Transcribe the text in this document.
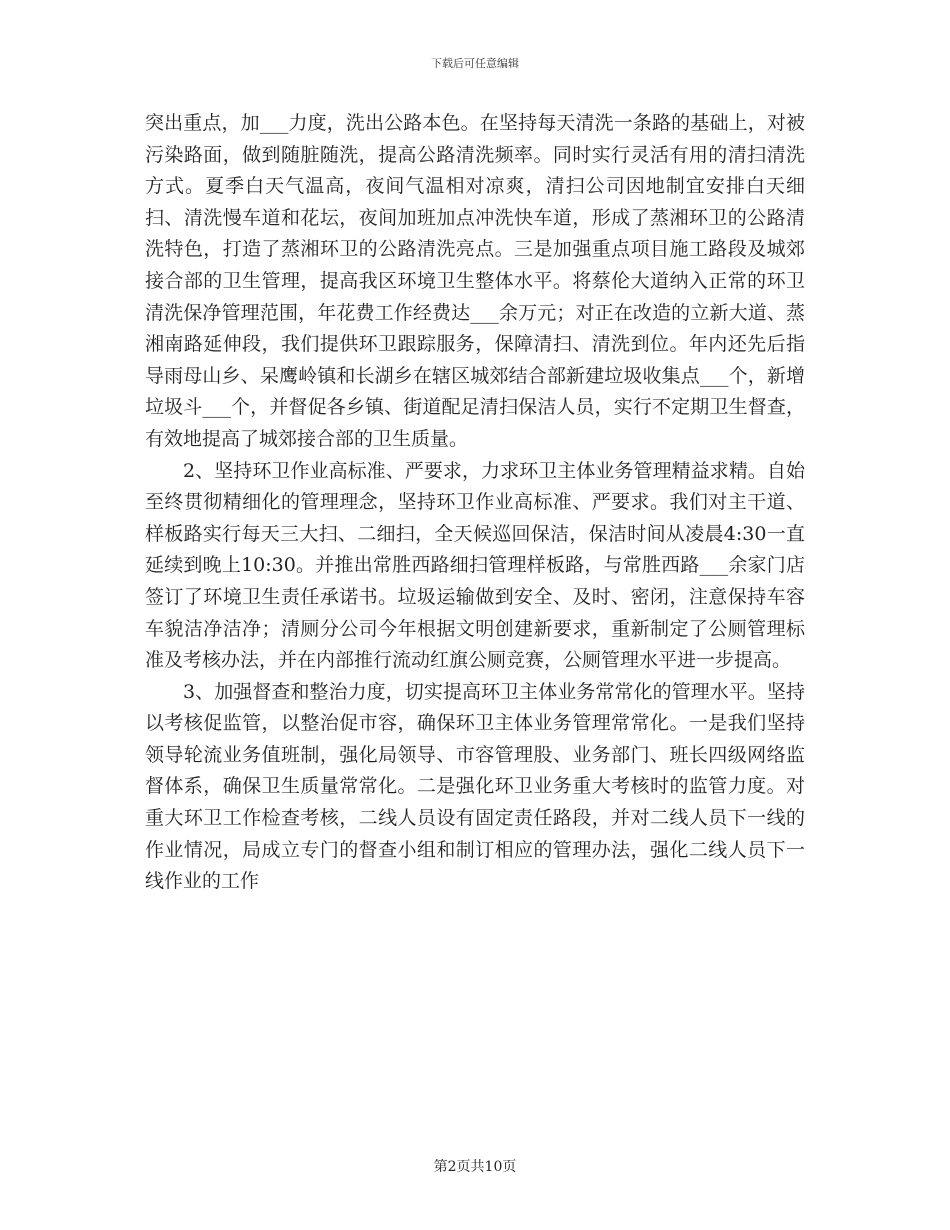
下载后可任意编辑

突出重点，加___力度，洗出公路本色。在坚持每天清洗一条路的基础上，对被污染路面，做到随脏随洗，提高公路清洗频率。同时实行灵活有用的清扫清洗方式。夏季白天气温高，夜间气温相对凉爽，清扫公司因地制宜安排白天细扫、清洗慢车道和花坛，夜间加班加点冲洗快车道，形成了蒸湘环卫的公路清洗特色，打造了蒸湘环卫的公路清洗亮点。三是加强重点项目施工路段及城郊接合部的卫生管理，提高我区环境卫生整体水平。将蔡伦大道纳入正常的环卫清洗保净管理范围，年花费工作经费达___余万元；对正在改造的立新大道、蒸湘南路延伸段，我们提供环卫跟踪服务，保障清扫、清洗到位。年内还先后指导雨母山乡、呆鹰岭镇和长湖乡在辖区城郊结合部新建垃圾收集点___个，新增垃圾斗___个，并督促各乡镇、街道配足清扫保洁人员，实行不定期卫生督查，有效地提高了城郊接合部的卫生质量。

2、坚持环卫作业高标准、严要求，力求环卫主体业务管理精益求精。自始至终贯彻精细化的管理理念，坚持环卫作业高标准、严要求。我们对主干道、样板路实行每天三大扫、二细扫，全天候巡回保洁，保洁时间从凌晨4:30一直延续到晚上10:30。并推出常胜西路细扫管理样板路，与常胜西路___余家门店签订了环境卫生责任承诺书。垃圾运输做到安全、及时、密闭，注意保持车容车貌洁净洁净；清厕分公司今年根据文明创建新要求，重新制定了公厕管理标准及考核办法，并在内部推行流动红旗公厕竞赛，公厕管理水平进一步提高。

3、加强督查和整治力度，切实提高环卫主体业务常常化的管理水平。坚持以考核促监管，以整治促市容，确保环卫主体业务管理常常化。一是我们坚持领导轮流业务值班制，强化局领导、市容管理股、业务部门、班长四级网络监督体系，确保卫生质量常常化。二是强化环卫业务重大考核时的监管力度。对重大环卫工作检查考核，二线人员设有固定责任路段，并对二线人员下一线的作业情况，局成立专门的督查小组和制订相应的管理办法，强化二线人员下一线作业的工作

第2页共10页
